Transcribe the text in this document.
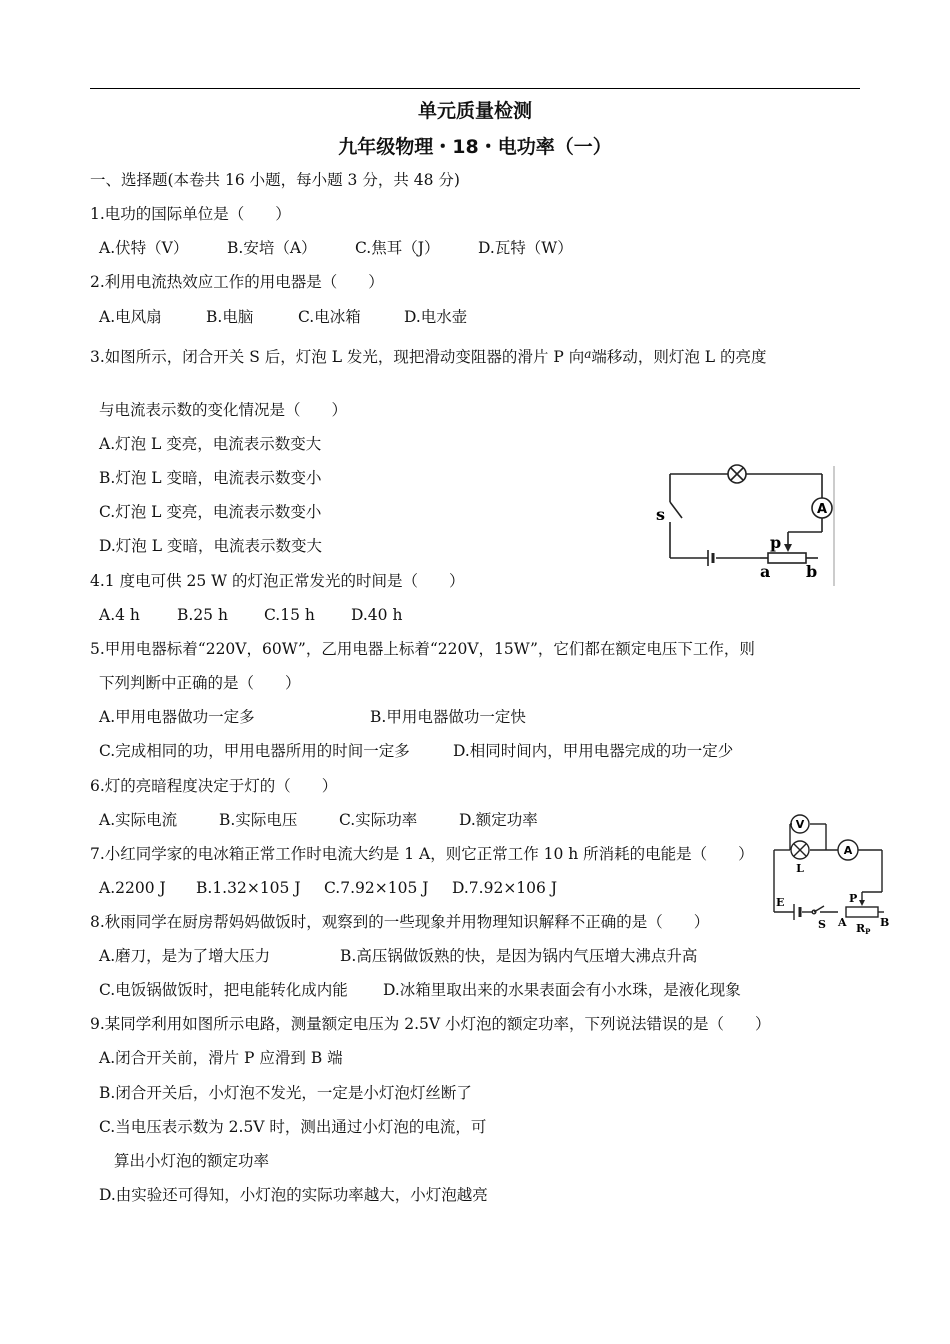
单元质量检测
九年级物理・18・电功率（一）
一、选择题(本卷共 16 小题，每小题 3 分，共 48 分)
1.电功的国际单位是（　　）
A.伏特（V） B.安培（A） C.焦耳（J） D.瓦特（W）
2.利用电流热效应工作的用电器是（　　）
A.电风扇	B.电脑	C.电冰箱	D.电水壶
3.如图所示，闭合开关 S 后，灯泡 L 发光，现把滑动变阻器的滑片 P 向$^a$端移动，则灯泡 L 的亮度
与电流表示数的变化情况是（　　）
A.灯泡 L 变亮，电流表示数变大
B.灯泡 L 变暗，电流表示数变小
C.灯泡 L 变亮，电流表示数变小
D.灯泡 L 变暗，电流表示数变大
A
s
p
a b
4.1 度电可供 25 W 的灯泡正常发光的时间是（　　）
A.4 h B.25 h C.15 h D.40 h
5.甲用电器标着“220V，60W”，乙用电器上标着“220V，15W”，它们都在额定电压下工作，则
下列判断中正确的是（　　）
A.甲用电器做功一定多	B.甲用电器做功一定快
C.完成相同的功，甲用电器所用的时间一定多	D.相同时间内，甲用电器完成的功一定少
6.灯的亮暗程度决定于灯的（　　）
A.实际电流	B.实际电压	C.实际功率	D.额定功率
7.小红同学家的电冰箱正常工作时电流大约是 1 A，则它正常工作 10 h 所消耗的电能是（　　）
A.2200 J B.1.32×105 J C.7.92×105 J D.7.92×106 J
V
A
L
P
E
S A	B
RP
8.秋雨同学在厨房帮妈妈做饭时，观察到的一些现象并用物理知识解释不正确的是（　　）
A.磨刀，是为了增大压力	B.高压锅做饭熟的快，是因为锅内气压增大沸点升高
C.电饭锅做饭时，把电能转化成内能 D.冰箱里取出来的水果表面会有小水珠，是液化现象
9.某同学利用如图所示电路，测量额定电压为 2.5V 小灯泡的额定功率，下列说法错误的是（　　）
A.闭合开关前，滑片 P 应滑到 B 端
B.闭合开关后，小灯泡不发光，一定是小灯泡灯丝断了
C.当电压表示数为 2.5V 时，测出通过小灯泡的电流，可
算出小灯泡的额定功率
D.由实验还可得知，小灯泡的实际功率越大，小灯泡越亮
